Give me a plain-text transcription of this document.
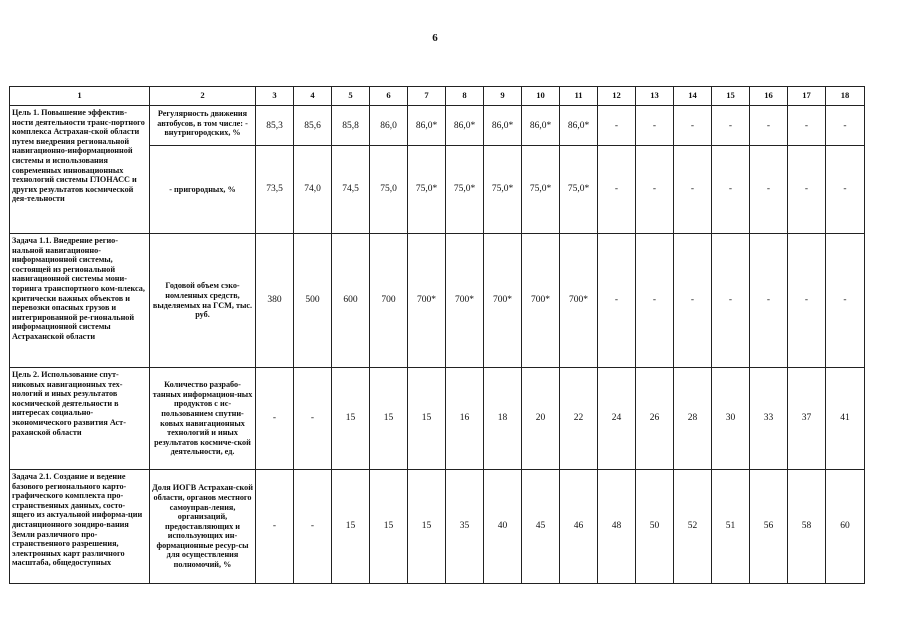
6
1	2	3	4	5	6	7	8	9	10	11	12	13	14	15	16	17	18
Цель 1. Повышение эффектив-ности деятельности транс-портного комплекса Астрахан-ской области путем внедрения региональной навигационно-информационной системы и использования современных инновационных технологий системы ГЛОНАСС и других результатов космической дея-тельности	Регулярность движения автобусов, в том числе: - внутригородских, %	85,3	85,6	85,8	86,0	86,0*	86,0*	86,0*	86,0*	86,0*	-	-	-	-	-	-	-
	- пригородных, %	73,5	74,0	74,5	75,0	75,0*	75,0*	75,0*	75,0*	75,0*	-	-	-	-	-	-	-
Задача 1.1. Внедрение регио-нальной навигационно-информационной системы, состоящей из региональной навигационной системы мони-торинга транспортного ком-плекса, критически важных объектов и перевозки опасных грузов и интегрированной ре-гиональной информационной системы Астраханской области	Годовой объем сэко-номленных средств, выделяемых на ГСМ, тыс. руб.	380	500	600	700	700*	700*	700*	700*	700*	-	-	-	-	-	-	-
Цель 2. Использование спут-никовых навигационных тех-нологий и иных результатов космической деятельности в интересах социально-экономического развития Аст-раханской области	Количество разрабо-танных информацион-ных продуктов с ис-пользованием спутни-ковых навигационных технологий и иных результатов космиче-ской деятельности, ед.	-	-	15	15	15	16	18	20	22	24	26	28	30	33	37	41
Задача 2.1. Создание и ведение базового регионального карто-графического комплекта про-странственных данных, состо-ящего из актуальной информа-ции дистанционного зондиро-вания Земли различного про-странственного разрешения, электронных карт различного масштаба, общедоступных	Доля ИОГВ Астрахан-ской области, органов местного самоуправ-ления, организаций, предоставляющих и использующих ин-формационные ресур-сы для осуществления полномочий, %	-	-	15	15	15	35	40	45	46	48	50	52	51	56	58	60
